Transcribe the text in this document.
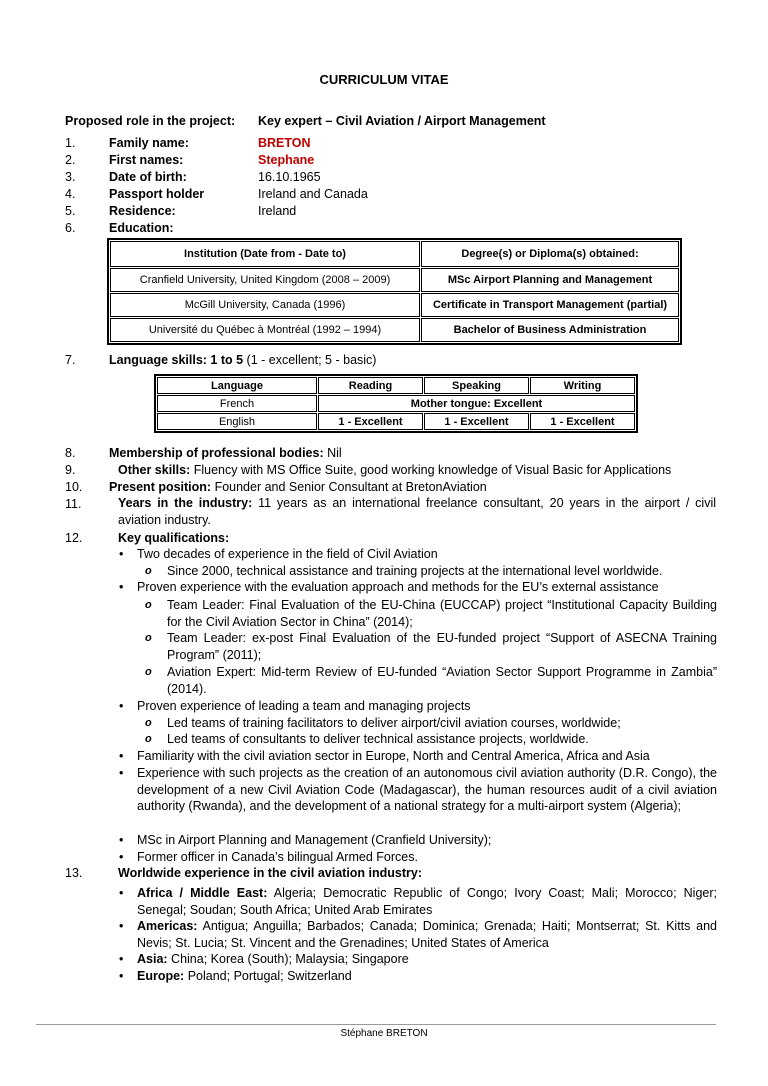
CURRICULUM VITAE
Proposed role in the project: Key expert – Civil Aviation / Airport Management
1.	Family name:	BRETON
2.	First names:	Stephane
3.	Date of birth:	16.10.1965
4.	Passport holder	Ireland and Canada
5.	Residence:	Ireland
6.	Education:
Institution (Date from - Date to)	Degree(s) or Diploma(s) obtained:
Cranfield University, United Kingdom (2008 – 2009)	MSc Airport Planning and Management
McGill University, Canada (1996)	Certificate in Transport Management (partial)
Université du Québec à Montréal (1992 – 1994)	Bachelor of Business Administration
7.	Language skills: 1 to 5 (1 - excellent; 5 - basic)
Language	Reading	Speaking	Writing
French	Mother tongue: Excellent		
English	1 - Excellent	1 - Excellent	1 - Excellent
8.	Membership of professional bodies: Nil
9.	Other skills: Fluency with MS Office Suite, good working knowledge of Visual Basic for Applications
10. Present position: Founder and Senior Consultant at BretonAviation
11.	Years in the industry: 11 years as an international freelance consultant, 20 years in the airport / civil aviation industry.
12.	Key qualifications:
• Two decades of experience in the field of Civil Aviation
o Since 2000, technical assistance and training projects at the international level worldwide.
• Proven experience with the evaluation approach and methods for the EU’s external assistance
o Team Leader: Final Evaluation of the EU-China (EUCCAP) project “Institutional Capacity Building for the Civil Aviation Sector in China” (2014);
o Team Leader: ex-post Final Evaluation of the EU-funded project “Support of ASECNA Training Program” (2011);
o Aviation Expert: Mid-term Review of EU-funded “Aviation Sector Support Programme in Zambia” (2014).
• Proven experience of leading a team and managing projects
o Led teams of training facilitators to deliver airport/civil aviation courses, worldwide;
o Led teams of consultants to deliver technical assistance projects, worldwide.
• Familiarity with the civil aviation sector in Europe, North and Central America, Africa and Asia
• Experience with such projects as the creation of an autonomous civil aviation authority (D.R. Congo), the development of a new Civil Aviation Code (Madagascar), the human resources audit of a civil aviation authority (Rwanda), and the development of a national strategy for a multi-airport system (Algeria);
• MSc in Airport Planning and Management (Cranfield University);
• Former officer in Canada’s bilingual Armed Forces.
13.	Worldwide experience in the civil aviation industry:
• Africa / Middle East: Algeria; Democratic Republic of Congo; Ivory Coast; Mali; Morocco; Niger; Senegal; Soudan; South Africa; United Arab Emirates
• Americas: Antigua; Anguilla; Barbados; Canada; Dominica; Grenada; Haiti; Montserrat; St. Kitts and Nevis; St. Lucia; St. Vincent and the Grenadines; United States of America
• Asia: China; Korea (South); Malaysia; Singapore
• Europe: Poland; Portugal; Switzerland
Stéphane BRETON
